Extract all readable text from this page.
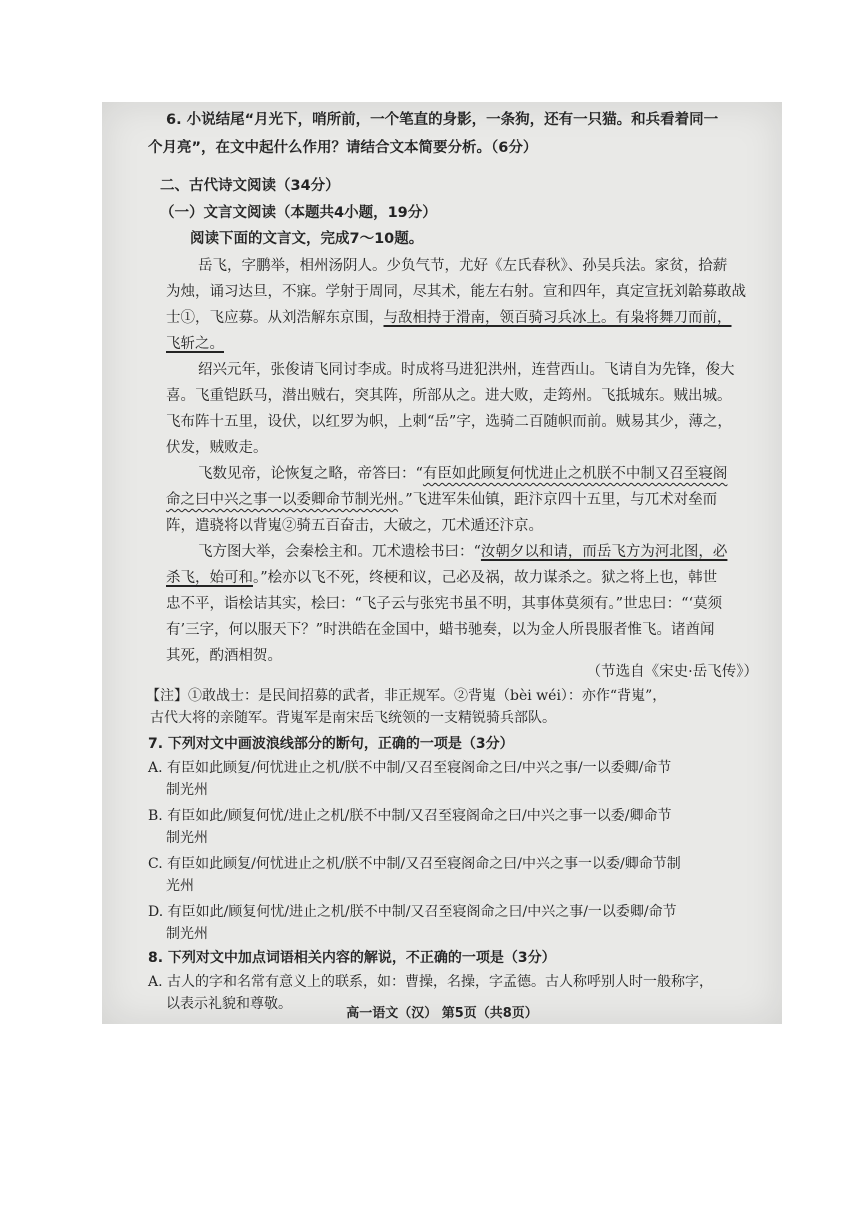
6. 小说结尾“月光下，哨所前，一个笔直的身影，一条狗，还有一只猫。和兵看着同一
个月亮”，在文中起什么作用？请结合文本简要分析。（6分）
二、古代诗文阅读（34分）
（一）文言文阅读（本题共4小题，19分）
阅读下面的文言文，完成7～10题。
岳飞，字鹏举，相州汤阴人。少负气节，尤好《左氏春秋》、孙吴兵法。家贫，拾薪
为烛，诵习达旦，不寐。学射于周同，尽其术，能左右射。宣和四年，真定宣抚刘韐募敢战
士①，飞应募。从刘浩解东京围，与敌相持于滑南，领百骑习兵冰上。有枭将舞刀而前，
飞斩之。
绍兴元年，张俊请飞同讨李成。时成将马进犯洪州，连营西山。飞请自为先锋，俊大
喜。飞重铠跃马，潜出贼右，突其阵，所部从之。进大败，走筠州。飞抵城东。贼出城。
飞布阵十五里，设伏，以红罗为帜，上刺“岳”字，选骑二百随帜而前。贼易其少，薄之，
伏发，贼败走。
飞数见帝，论恢复之略，帝答曰：“有臣如此顾复何忧进止之机朕不中制又召至寝阁
命之曰中兴之事一以委卿命节制光州。”飞进军朱仙镇，距汴京四十五里，与兀术对垒而
阵，遣骁将以背嵬②骑五百奋击，大破之，兀术遁还汴京。
飞方图大举，会秦桧主和。兀术遗桧书曰：“汝朝夕以和请，而岳飞方为河北图，必
杀飞，始可和。”桧亦以飞不死，终梗和议，己必及祸，故力谋杀之。狱之将上也，韩世
忠不平，诣桧诘其实，桧曰：“飞子云与张宪书虽不明，其事体莫须有。”世忠曰：“‘莫须
有’三字，何以服天下？”时洪皓在金国中，蜡书驰奏，以为金人所畏服者惟飞。诸酋闻
其死，酌酒相贺。
（节选自《宋史·岳飞传》）
【注】①敢战士：是民间招募的武者，非正规军。②背嵬（bèi wéi）：亦作“背嵬”，
古代大将的亲随军。背嵬军是南宋岳飞统领的一支精锐骑兵部队。
7. 下列对文中画波浪线部分的断句，正确的一项是（3分）
A. 有臣如此顾复/何忧进止之机/朕不中制/又召至寝阁命之曰/中兴之事/一以委卿/命节
制光州
B. 有臣如此/顾复何忧/进止之机/朕不中制/又召至寝阁命之曰/中兴之事一以委/卿命节
制光州
C. 有臣如此顾复/何忧进止之机/朕不中制/又召至寝阁命之曰/中兴之事一以委/卿命节制
光州
D. 有臣如此/顾复何忧/进止之机/朕不中制/又召至寝阁命之曰/中兴之事/一以委卿/命节
制光州
8. 下列对文中加点词语相关内容的解说，不正确的一项是（3分）
A. 古人的字和名常有意义上的联系，如：曹操，名操，字孟德。古人称呼别人时一般称字，
以表示礼貌和尊敬。
高一语文（汉） 第5页（共8页）
